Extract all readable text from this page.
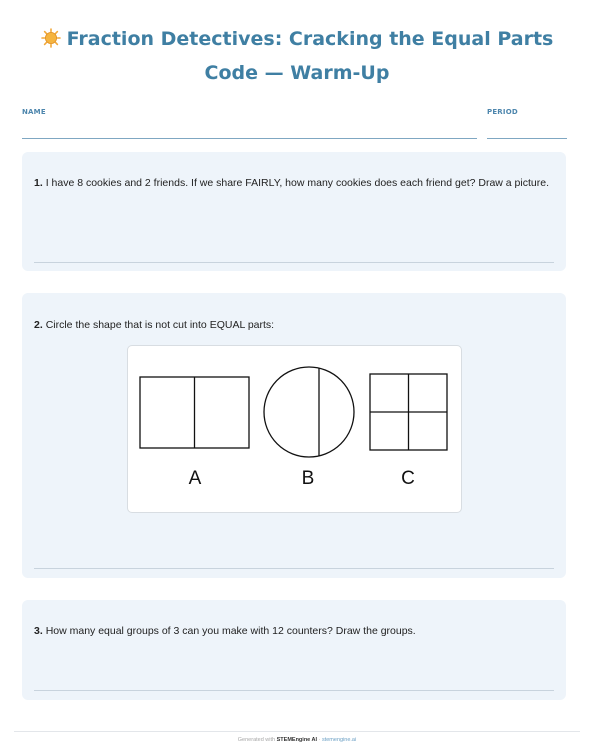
Fraction Detectives: Cracking the Equal Parts Code — Warm-Up
NAME	PERIOD
1. I have 8 cookies and 2 friends. If we share FAIRLY, how many cookies does each friend get? Draw a picture.
2. Circle the shape that is not cut into EQUAL parts:
A	B	C
3. How many equal groups of 3 can you make with 12 counters? Draw the groups.
Generated with STEMEngine AI · stemengine.ai
